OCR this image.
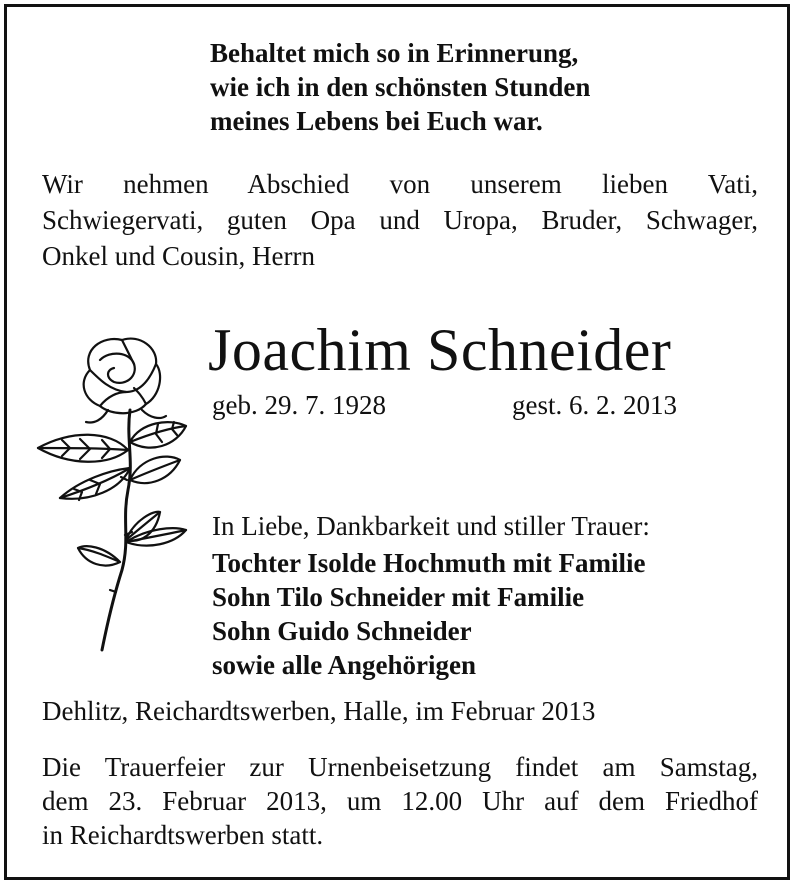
Behaltet mich so in Erinnerung,
wie ich in den schönsten Stunden
meines Lebens bei Euch war.
Wir nehmen Abschied von unserem lieben Vati,
Schwiegervati, guten Opa und Uropa, Bruder, Schwager,
Onkel und Cousin, Herrn
Joachim Schneider
geb. 29. 7. 1928	gest. 6. 2. 2013
In Liebe, Dankbarkeit und stiller Trauer:
Tochter Isolde Hochmuth mit Familie
Sohn Tilo Schneider mit Familie
Sohn Guido Schneider
sowie alle Angehörigen
Dehlitz, Reichardtswerben, Halle, im Februar 2013
Die Trauerfeier zur Urnenbeisetzung findet am Samstag,
dem 23. Februar 2013, um 12.00 Uhr auf dem Friedhof
in Reichardtswerben statt.
